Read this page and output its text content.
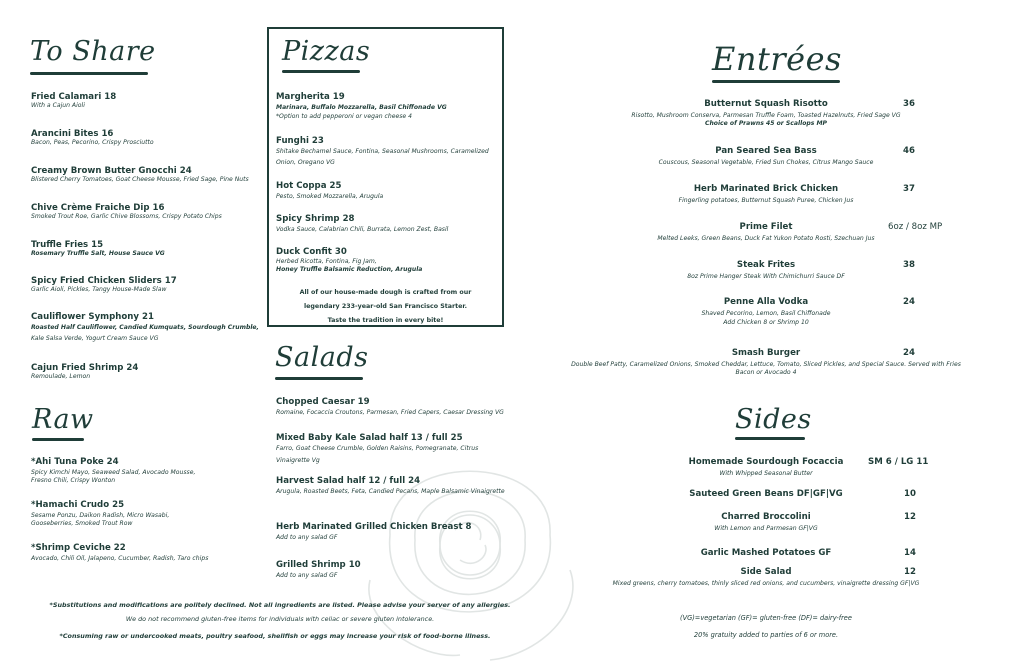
To Share
Fried Calamari 18
With a Cajun Aioli
Arancini Bites 16
Bacon, Peas, Pecorino, Crispy Prosciutto
Creamy Brown Butter Gnocchi 24
Blistered Cherry Tomatoes, Goat Cheese Mousse, Fried Sage, Pine Nuts
Chive Crème Fraiche Dip 16
Smoked Trout Roe, Garlic Chive Blossoms, Crispy Potato Chips
Truffle Fries 15
Rosemary Truffle Salt, House Sauce VG
Spicy Fried Chicken Sliders 17
Garlic Aioli, Pickles, Tangy House-Made Slaw
Cauliflower Symphony 21
Roasted Half Cauliflower, Candied Kumquats, Sourdough Crumble,
Kale Salsa Verde, Yogurt Cream Sauce VG
Cajun Fried Shrimp 24
Remoulade, Lemon
Raw
*Ahi Tuna Poke 24
Spicy Kimchi Mayo, Seaweed Salad, Avocado Mousse,
Fresno Chili, Crispy Wonton
*Hamachi Crudo 25
Sesame Ponzu, Daikon Radish, Micro Wasabi,
Gooseberries, Smoked Trout Row
*Shrimp Ceviche 22
Avocado, Chili Oil, Jalapeno, Cucumber, Radish, Taro chips
Pizzas
Margherita 19
Marinara, Buffalo Mozzarella, Basil Chiffonade VG
*Option to add pepperoni or vegan cheese 4
Funghi 23
Shitake Bechamel Sauce, Fontina, Seasonal Mushrooms, Caramelized
Onion, Oregano VG
Hot Coppa 25
Pesto, Smoked Mozzarella, Arugula
Spicy Shrimp 28
Vodka Sauce, Calabrian Chili, Burrata, Lemon Zest, Basil
Duck Confit 30
Herbed Ricotta, Fontina, Fig Jam,
Honey Truffle Balsamic Reduction, Arugula
All of our house-made dough is crafted from our
legendary 233-year-old San Francisco Starter.
Taste the tradition in every bite!
Salads
Chopped Caesar 19
Romaine, Focaccia Croutons, Parmesan, Fried Capers, Caesar Dressing VG
Mixed Baby Kale Salad half 13 / full 25
Farro, Goat Cheese Crumble, Golden Raisins, Pomegranate, Citrus
Vinaigrette Vg
Harvest Salad half 12 / full 24
Arugula, Roasted Beets, Feta, Candied Pecans, Maple Balsamic Vinaigrette
Herb Marinated Grilled Chicken Breast 8
Add to any salad GF
Grilled Shrimp 10
Add to any salad GF
*Substitutions and modifications are politely declined. Not all ingredients are listed. Please advise your server of any allergies.
We do not recommend gluten-free items for individuals with celiac or severe gluten intolerance.
*Consuming raw or undercooked meats, poultry seafood, shellfish or eggs may increase your risk of food-borne illness.
Entrées
Butternut Squash Risotto
Risotto, Mushroom Conserva, Parmesan Truffle Foam, Toasted Hazelnuts, Fried Sage VG
Choice of Prawns 45 or Scallops MP
36
Pan Seared Sea Bass
Couscous, Seasonal Vegetable, Fried Sun Chokes, Citrus Mango Sauce
46
Herb Marinated Brick Chicken
Fingerling potatoes, Butternut Squash Puree, Chicken Jus
37
Prime Filet
Melted Leeks, Green Beans, Duck Fat Yukon Potato Rosti, Szechuan Jus
6oz / 8oz MP
Steak Frites
8oz Prime Hanger Steak With Chimichurri Sauce DF
38
Penne Alla Vodka
Shaved Pecorino, Lemon, Basil Chiffonade
Add Chicken 8 or Shrimp 10
24
Smash Burger
Double Beef Patty, Caramelized Onions, Smoked Cheddar, Lettuce, Tomato, Sliced Pickles, and Special Sauce. Served with Fries
Bacon or Avocado 4
24
Sides
Homemade Sourdough Focaccia
With Whipped Seasonal Butter
SM 6 / LG 11
Sauteed Green Beans DF|GF|VG	10
Charred Broccolini
With Lemon and Parmesan GF|VG
12
Garlic Mashed Potatoes GF	14
Side Salad
Mixed greens, cherry tomatoes, thinly sliced red onions, and cucumbers, vinaigrette dressing GF|VG
12
(VG)=vegetarian (GF)= gluten-free (DF)= dairy-free
20% gratuity added to parties of 6 or more.
